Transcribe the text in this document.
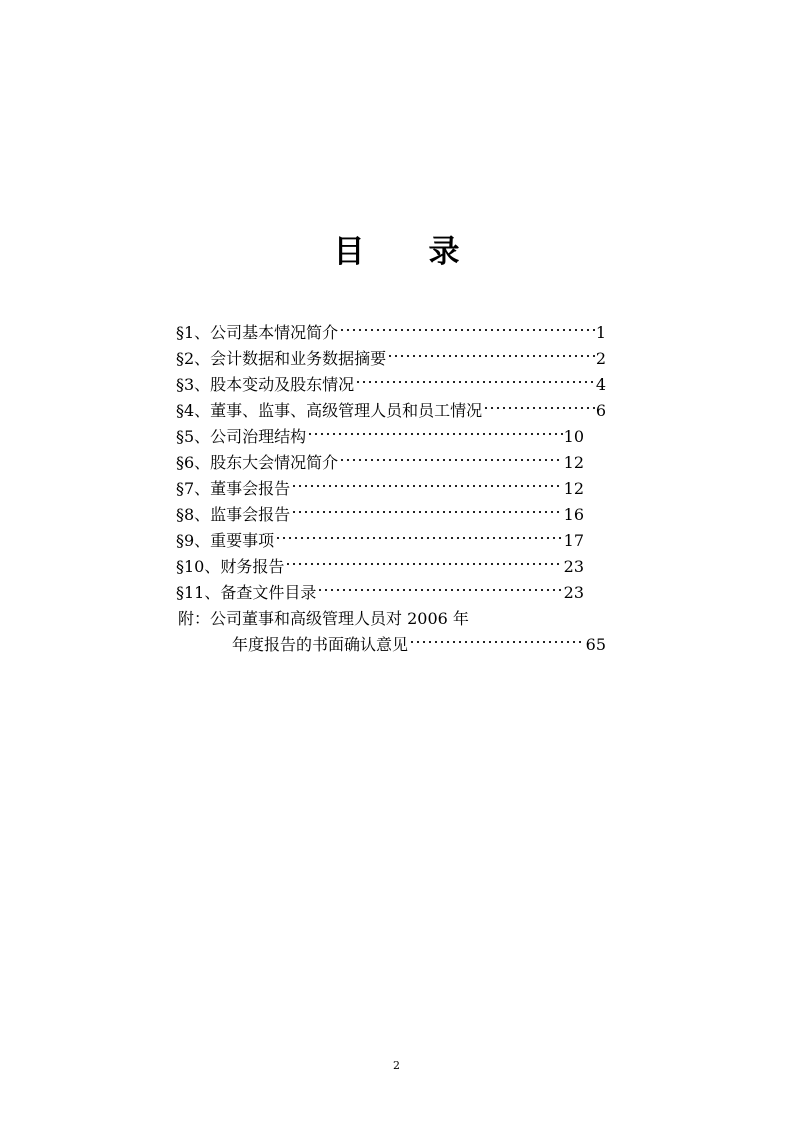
目 录
§1、公司基本情况简介	1
§2、会计数据和业务数据摘要	2
§3、股本变动及股东情况	4
§4、董事、监事、高级管理人员和员工情况	6
§5、公司治理结构	10
§6、股东大会情况简介	12
§7、董事会报告	12
§8、监事会报告	16
§9、重要事项	17
§10、财务报告	23
§11、备查文件目录	23
附：公司董事和高级管理人员对 2006 年
年度报告的书面确认意见	65
2
